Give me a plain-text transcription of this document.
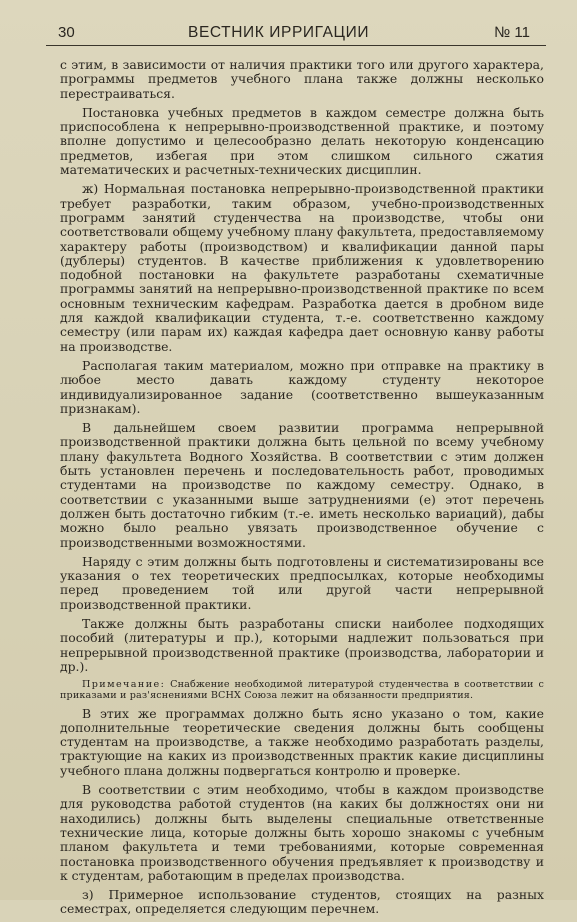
30	ВЕСТНИК ИРРИГАЦИИ	№ 11

с этим, в зависимости от наличия практики того или другого характера, программы предметов учебного плана также должны несколько перестраиваться.

Постановка учебных предметов в каждом семестре должна быть приспособлена к непрерывно-производственной практике, и поэтому вполне допустимо и целесообразно делать некоторую конденсацию предметов, избегая при этом слишком сильного сжатия математических и расчетных-технических дисциплин.

ж) Нормальная постановка непрерывно-производственной практики требует разработки, таким образом, учебно-производственных программ занятий студенчества на производстве, чтобы они соответствовали общему учебному плану факультета, предоставляемому характеру работы (производством) и квалификации данной пары (дублеры) студентов. В качестве приближения к удовлетворению подобной постановки на факультете разработаны схематичные программы занятий на непрерывно-производственной практике по всем основным техническим кафедрам. Разработка дается в дробном виде для каждой квалификации студента, т.-е. соответственно каждому семестру (или парам их) каждая кафедра дает основную канву работы на производстве.

Располагая таким материалом, можно при отправке на практику в любое место давать каждому студенту некоторое индивидуализированное задание (соответственно вышеуказанным признакам).

В дальнейшем своем развитии программа непрерывной производственной практики должна быть цельной по всему учебному плану факультета Водного Хозяйства. В соответствии с этим должен быть установлен перечень и последовательность работ, проводимых студентами на производстве по каждому семестру. Однако, в соответствии с указанными выше затруднениями (е) этот перечень должен быть достаточно гибким (т.-е. иметь несколько вариаций), дабы можно было реально увязать производственное обучение с производственными возможностями.

Наряду с этим должны быть подготовлены и систематизированы все указания о тех теоретических предпосылках, которые необходимы перед проведением той или другой части непрерывной производственной практики.

Также должны быть разработаны списки наиболее подходящих пособий (литературы и пр.), которыми надлежит пользоваться при непрерывной производственной практике (производства, лаборатории и др.).

Примечание: Снабжение необходимой литературой студенчества в соответствии с приказами и раз'яснениями ВСНХ Союза лежит на обязанности предприятия.

В этих же программах должно быть ясно указано о том, какие дополнительные теоретические сведения должны быть сообщены студентам на производстве, а также необходимо разработать разделы, трактующие на каких из производственных практик какие дисциплины учебного плана должны подвергаться контролю и проверке.

В соответствии с этим необходимо, чтобы в каждом производстве для руководства работой студентов (на каких бы должностях они ни находились) должны быть выделены специальные ответственные технические лица, которые должны быть хорошо знакомы с учебным планом факультета и теми требованиями, которые современная постановка производственного обучения предъявляет к производству и к студентам, работающим в пределах производства.

з) Примерное использование студентов, стоящих на разных семестрах, определяется следующим перечнем.
